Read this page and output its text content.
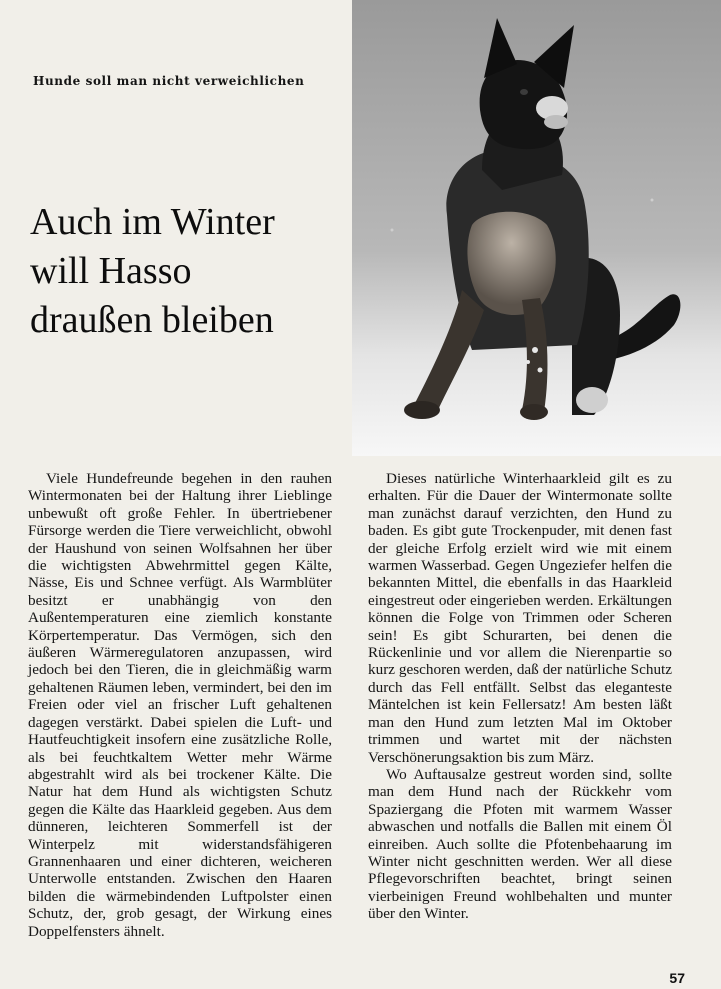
Hunde soll man nicht verweichlichen
Auch im Winter
will Hasso
draußen bleiben

Viele Hundefreunde begehen in den rauhen Wintermonaten bei der Haltung ihrer Lieblinge unbewußt oft große Fehler. In übertriebener Fürsorge werden die Tiere verweichlicht, obwohl der Haushund von seinen Wolfsahnen her über die wichtigsten Abwehrmittel gegen Kälte, Nässe, Eis und Schnee verfügt. Als Warmblüter besitzt er unabhängig von den Außentemperaturen eine ziemlich konstante Körpertemperatur. Das Vermögen, sich den äußeren Wärmeregulatoren anzupassen, wird jedoch bei den Tieren, die in gleichmäßig warm gehaltenen Räumen leben, vermindert, bei den im Freien oder viel an frischer Luft gehaltenen dagegen verstärkt. Dabei spielen die Luft- und Hautfeuchtigkeit insofern eine zusätzliche Rolle, als bei feuchtkaltem Wetter mehr Wärme abgestrahlt wird als bei trockener Kälte. Die Natur hat dem Hund als wichtigsten Schutz gegen die Kälte das Haarkleid gegeben. Aus dem dünneren, leichteren Sommerfell ist der Winterpelz mit widerstandsfähigeren Grannenhaaren und einer dichteren, weicheren Unterwolle entstanden. Zwischen den Haaren bilden die wärmebindenden Luftpolster einen Schutz, der, grob gesagt, der Wirkung eines Doppelfensters ähnelt.

Dieses natürliche Winterhaarkleid gilt es zu erhalten. Für die Dauer der Wintermonate sollte man zunächst darauf verzichten, den Hund zu baden. Es gibt gute Trockenpuder, mit denen fast der gleiche Erfolg erzielt wird wie mit einem warmen Wasserbad. Gegen Ungeziefer helfen die bekannten Mittel, die ebenfalls in das Haarkleid eingestreut oder eingerieben werden. Erkältungen können die Folge von Trimmen oder Scheren sein! Es gibt Schurarten, bei denen die Rückenlinie und vor allem die Nierenpartie so kurz geschoren werden, daß der natürliche Schutz durch das Fell entfällt. Selbst das eleganteste Mäntelchen ist kein Fellersatz! Am besten läßt man den Hund zum letzten Mal im Oktober trimmen und wartet mit der nächsten Verschönerungsaktion bis zum März.

Wo Auftausalze gestreut worden sind, sollte man dem Hund nach der Rückkehr vom Spaziergang die Pfoten mit warmem Wasser abwaschen und notfalls die Ballen mit einem Öl einreiben. Auch sollte die Pfotenbehaarung im Winter nicht geschnitten werden. Wer all diese Pflegevorschriften beachtet, bringt seinen vierbeinigen Freund wohlbehalten und munter über den Winter.

57
